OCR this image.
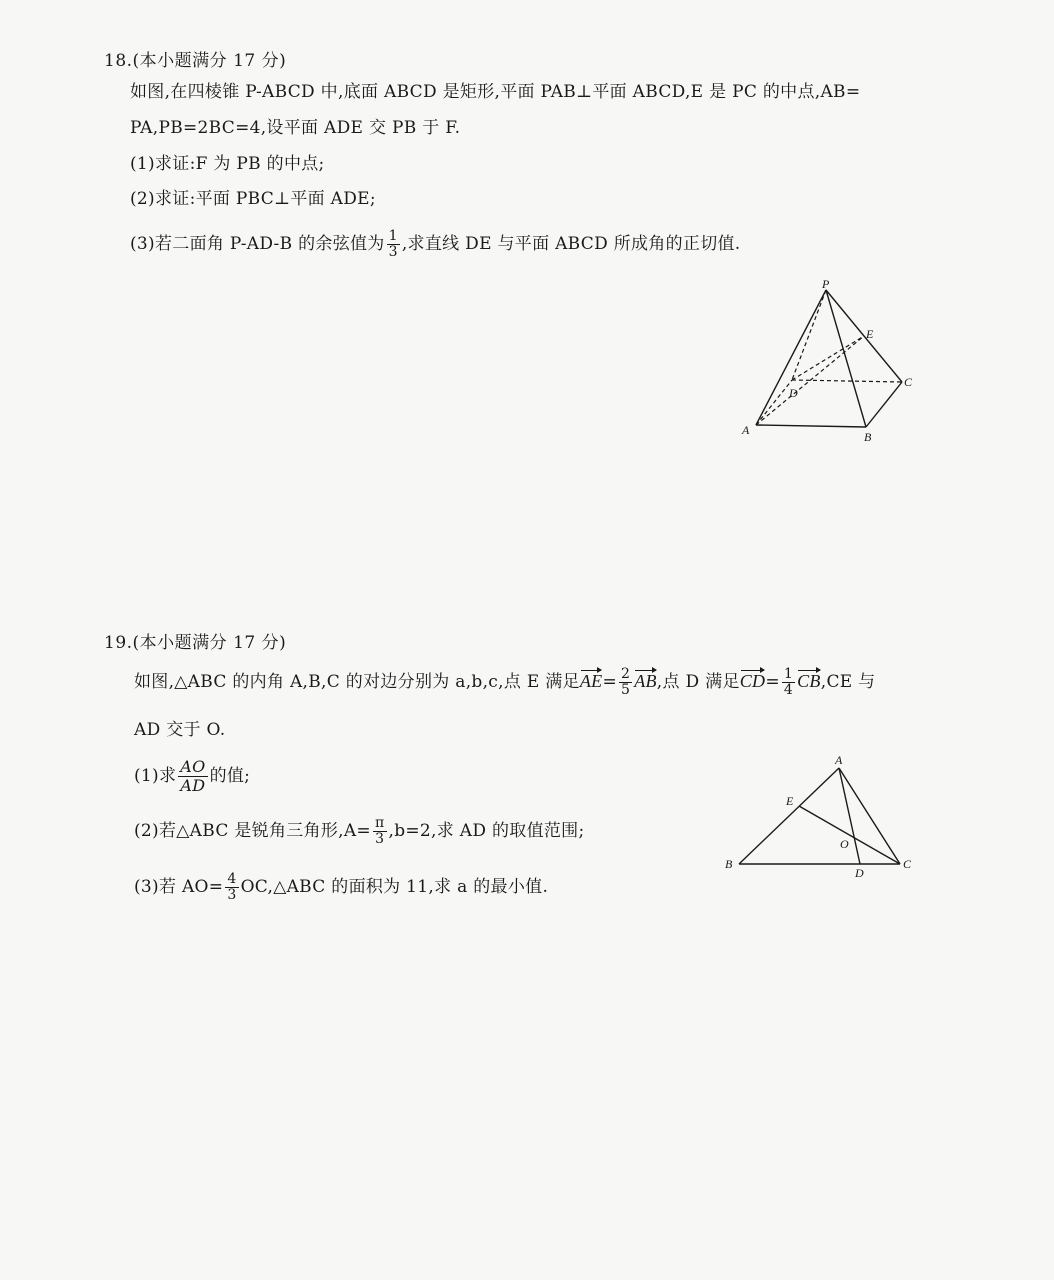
18.(本小题满分 17 分)
如图,在四棱锥 P-ABCD 中,底面 ABCD 是矩形,平面 PAB⊥平面 ABCD,E 是 PC 的中点,AB=
PA,PB=2BC=4,设平面 ADE 交 PB 于 F.
(1)求证:F 为 PB 的中点;
(2)求证:平面 PBC⊥平面 ADE;
(3)若二面角 P-AD-B 的余弦值为 $\frac{1}{3}$ ,求直线 DE 与平面 ABCD 所成角的正切值.
P
E
D
C
A	B
19.(本小题满分 17 分)
如图,△ABC 的内角 A,B,C 的对边分别为 a,b,c,点 E 满足$AE= \frac{2}{5}$ AB,点 D 满足$CD= \frac{1}{4} CB,CE$ 与
AD 交于 O.
(1)求 $\frac{AO}{AD}$ 的值;
(2)若△ABC 是锐角三角形$,A= \frac{\pi}{3} ,b=2$,求 AD 的取值范围;
(3)若 $AO= \frac{4}{3}$ OC,△ABC 的面积为 11,求 a 的最小值.
A
E
O
B
D
C
